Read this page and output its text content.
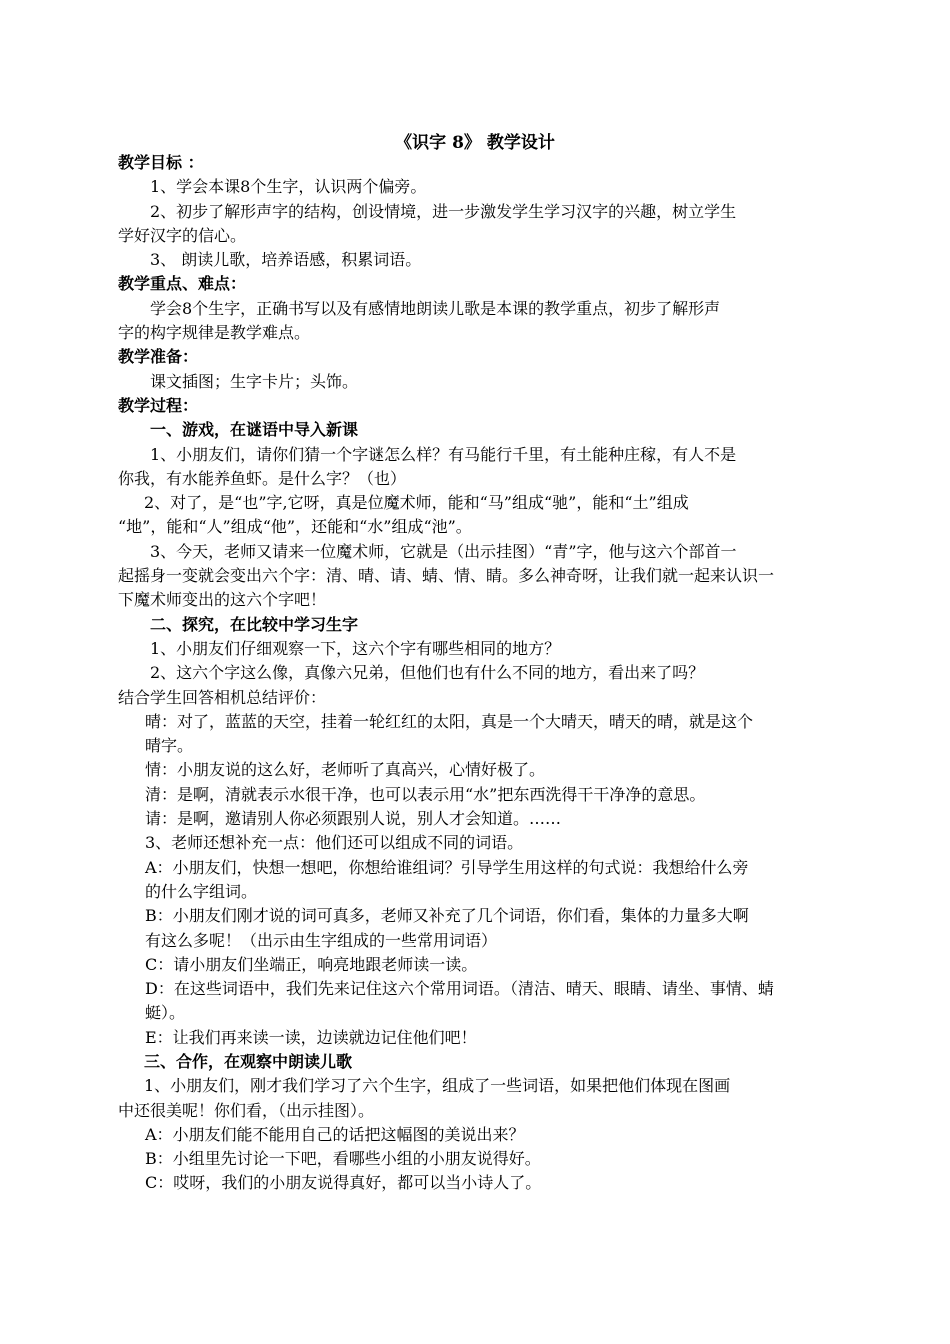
《识字 8》 教学设计
教学目标 ：
1、学会本课8个生字，认识两个偏旁。
2、初步了解形声字的结构，创设情境，进一步激发学生学习汉字的兴趣，树立学生
学好汉字的信心。
3、 朗读儿歌，培养语感，积累词语。
教学重点、难点：
学会8个生字，正确书写以及有感情地朗读儿歌是本课的教学重点，初步了解形声
字的构字规律是教学难点。
教学准备：
课文插图；生字卡片；头饰。
教学过程：
一、游戏，在谜语中导入新课
1、小朋友们，请你们猜一个字谜怎么样？有马能行千里，有土能种庄稼，有人不是
你我，有水能养鱼虾。是什么字？（也）
2、对了，是“也”字,它呀，真是位魔术师，能和“马”组成“驰”，能和“土”组成
“地”，能和“人”组成“他”，还能和“水”组成“池”。
3、今天，老师又请来一位魔术师，它就是（出示挂图）“青”字，他与这六个部首一
起摇身一变就会变出六个字：清、晴、请、蜻、情、睛。多么神奇呀，让我们就一起来认识一
下魔术师变出的这六个字吧！
二、探究，在比较中学习生字
1、小朋友们仔细观察一下，这六个字有哪些相同的地方？
2、这六个字这么像，真像六兄弟，但他们也有什么不同的地方，看出来了吗？
结合学生回答相机总结评价：
晴：对了，蓝蓝的天空，挂着一轮红红的太阳，真是一个大晴天，晴天的晴，就是这个
晴字。
情：小朋友说的这么好，老师听了真高兴，心情好极了。
清：是啊，清就表示水很干净，也可以表示用“水”把东西洗得干干净净的意思。
请：是啊，邀请别人你必须跟别人说，别人才会知道。……
3、老师还想补充一点：他们还可以组成不同的词语。
A：小朋友们，快想一想吧，你想给谁组词？引导学生用这样的句式说：我想给什么旁
的什么字组词。
B：小朋友们刚才说的词可真多，老师又补充了几个词语，你们看，集体的力量多大啊
有这么多呢！（出示由生字组成的一些常用词语）
C：请小朋友们坐端正，响亮地跟老师读一读。
D：在这些词语中，我们先来记住这六个常用词语。（清洁、晴天、眼睛、请坐、事情、蜻
蜓）。
E：让我们再来读一读，边读就边记住他们吧！
三、合作，在观察中朗读儿歌
1、小朋友们，刚才我们学习了六个生字，组成了一些词语，如果把他们体现在图画
中还很美呢！你们看，（出示挂图）。
A：小朋友们能不能用自己的话把这幅图的美说出来？
B：小组里先讨论一下吧，看哪些小组的小朋友说得好。
C：哎呀，我们的小朋友说得真好，都可以当小诗人了。
